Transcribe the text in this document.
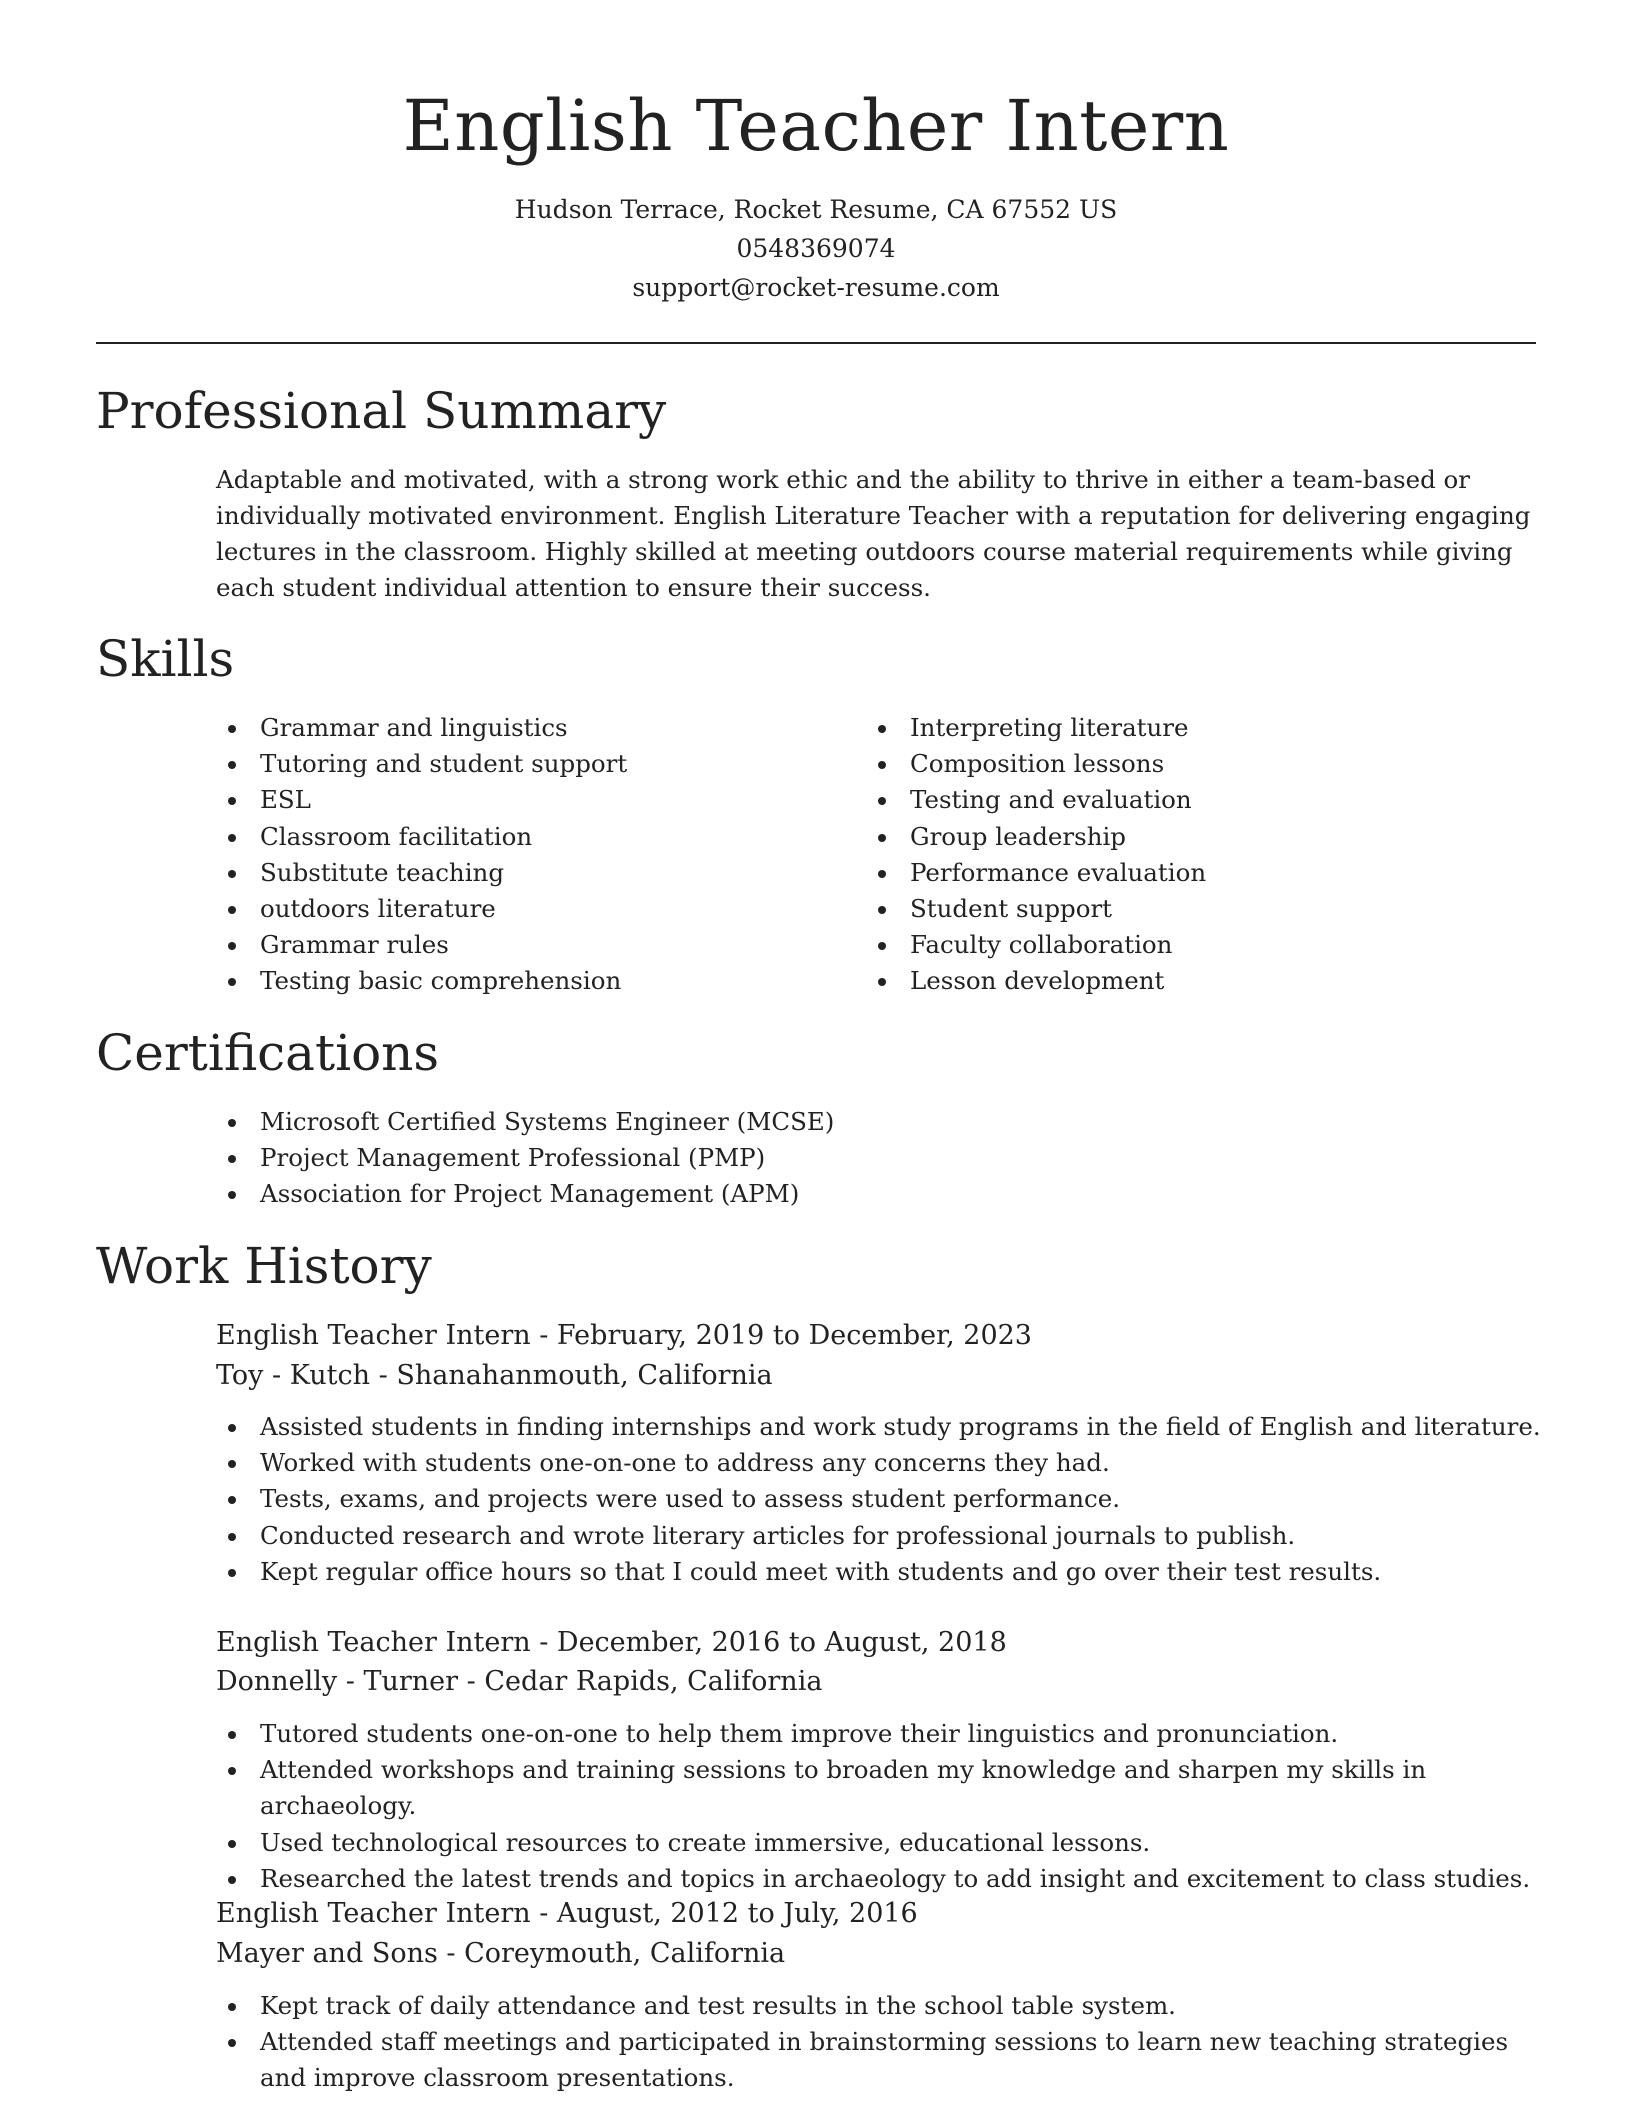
English Teacher Intern
Hudson Terrace, Rocket Resume, CA 67552 US
0548369074
support@rocket-resume.com
Professional Summary

Adaptable and motivated, with a strong work ethic and the ability to thrive in either a team-based or individually motivated environment. English Literature Teacher with a reputation for delivering engaging lectures in the classroom. Highly skilled at meeting outdoors course material requirements while giving each student individual attention to ensure their success.

Skills
Grammar and linguistics
Tutoring and student support
ESL
Classroom facilitation
Substitute teaching
outdoors literature
Grammar rules
Testing basic comprehension
Interpreting literature
Composition lessons
Testing and evaluation
Group leadership
Performance evaluation
Student support
Faculty collaboration
Lesson development
Certifications
Microsoft Certified Systems Engineer (MCSE)
Project Management Professional (PMP)
Association for Project Management (APM)
Work History
English Teacher Intern - February, 2019 to December, 2023
Toy - Kutch - Shanahanmouth, California
Assisted students in finding internships and work study programs in the field of English and literature.
Worked with students one-on-one to address any concerns they had.
Tests, exams, and projects were used to assess student performance.
Conducted research and wrote literary articles for professional journals to publish.
Kept regular office hours so that I could meet with students and go over their test results.
English Teacher Intern - December, 2016 to August, 2018
Donnelly - Turner - Cedar Rapids, California
Tutored students one-on-one to help them improve their linguistics and pronunciation.
Attended workshops and training sessions to broaden my knowledge and sharpen my skills in archaeology.
Used technological resources to create immersive, educational lessons.
Researched the latest trends and topics in archaeology to add insight and excitement to class studies.
English Teacher Intern - August, 2012 to July, 2016
Mayer and Sons - Coreymouth, California
Kept track of daily attendance and test results in the school table system.
Attended staff meetings and participated in brainstorming sessions to learn new teaching strategies and improve classroom presentations.
